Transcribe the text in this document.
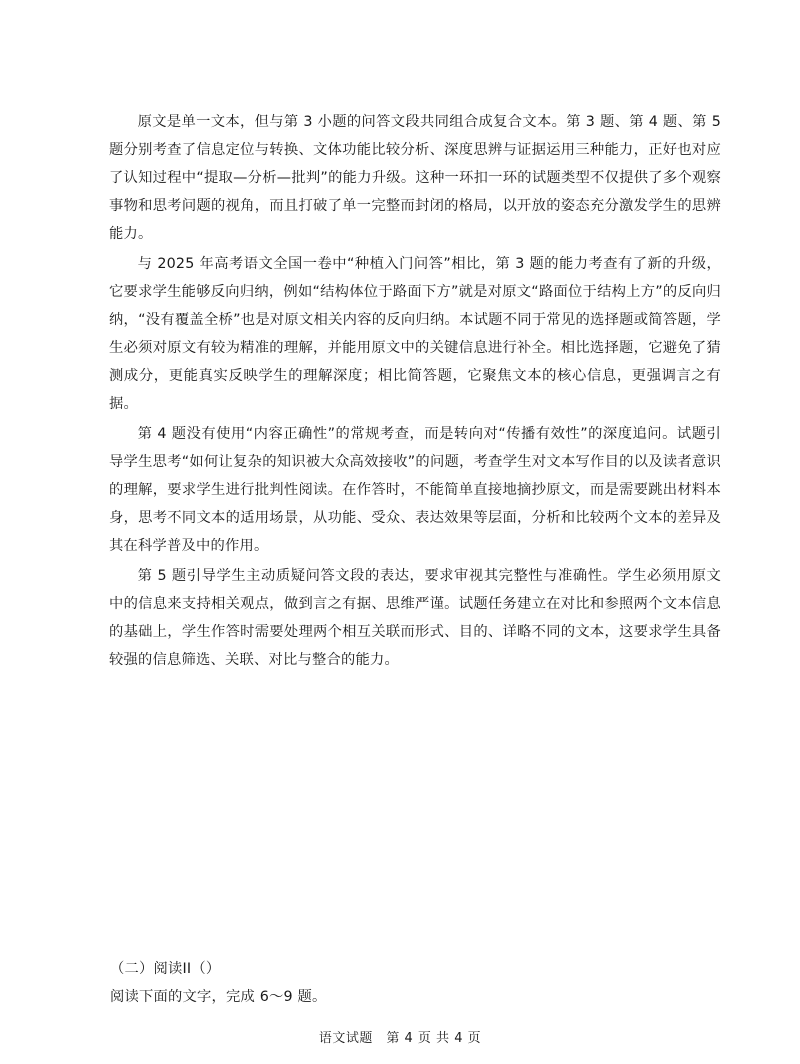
原文是单一文本，但与第 3 小题的问答文段共同组合成复合文本。第 3 题、第 4 题、第 5 题分别考查了信息定位与转换、文体功能比较分析、深度思辨与证据运用三种能力，正好也对应了认知过程中“提取—分析—批判”的能力升级。这种一环扣一环的试题类型不仅提供了多个观察事物和思考问题的视角，而且打破了单一完整而封闭的格局，以开放的姿态充分激发学生的思辨能力。

与 2025 年高考语文全国一卷中“种植入门问答”相比，第 3 题的能力考查有了新的升级，它要求学生能够反向归纳，例如“结构体位于路面下方”就是对原文“路面位于结构上方”的反向归纳，“没有覆盖全桥”也是对原文相关内容的反向归纳。本试题不同于常见的选择题或简答题，学生必须对原文有较为精准的理解，并能用原文中的关键信息进行补全。相比选择题，它避免了猜测成分，更能真实反映学生的理解深度；相比简答题，它聚焦文本的核心信息，更强调言之有据。

第 4 题没有使用“内容正确性”的常规考查，而是转向对“传播有效性”的深度追问。试题引导学生思考“如何让复杂的知识被大众高效接收”的问题，考查学生对文本写作目的以及读者意识的理解，要求学生进行批判性阅读。在作答时，不能简单直接地摘抄原文，而是需要跳出材料本身，思考不同文本的适用场景，从功能、受众、表达效果等层面，分析和比较两个文本的差异及其在科学普及中的作用。

第 5 题引导学生主动质疑问答文段的表达，要求审视其完整性与准确性。学生必须用原文中的信息来支持相关观点，做到言之有据、思维严谨。试题任务建立在对比和参照两个文本信息的基础上，学生作答时需要处理两个相互关联而形式、目的、详略不同的文本，这要求学生具备较强的信息筛选、关联、对比与整合的能力。

（二）阅读II（）

阅读下面的文字，完成 6～9 题。

语文试题　第 4 页 共 4 页
